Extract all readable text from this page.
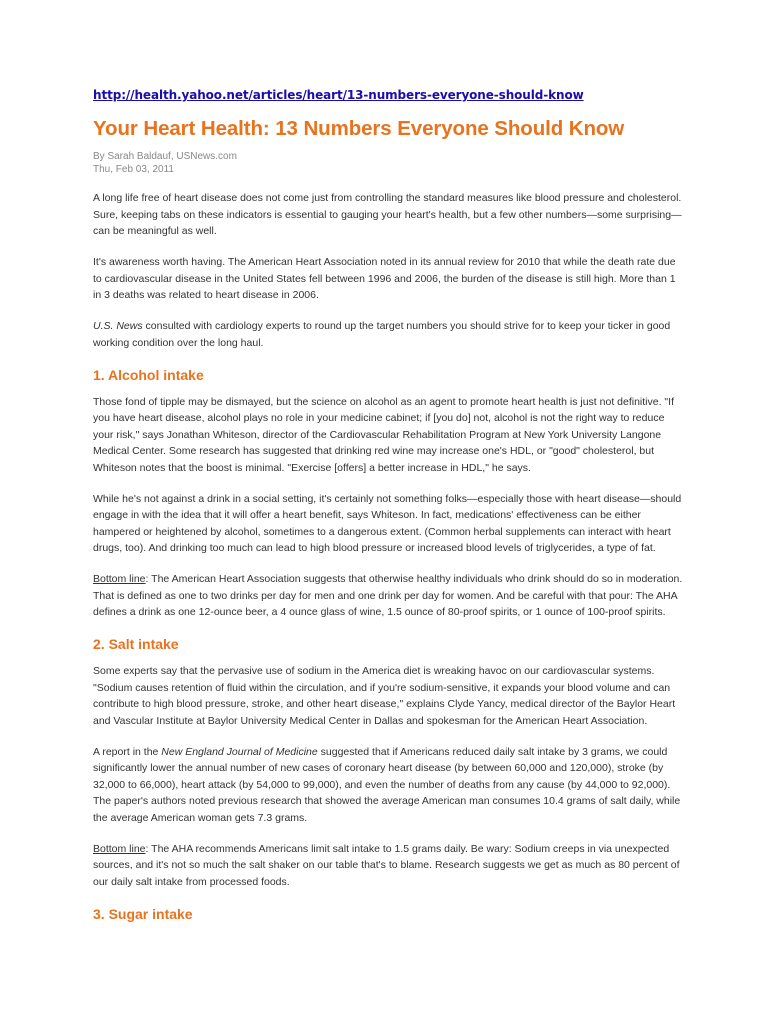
http://health.yahoo.net/articles/heart/13-numbers-everyone-should-know
Your Heart Health: 13 Numbers Everyone Should Know

By Sarah Baldauf, USNews.com

Thu, Feb 03, 2011

A long life free of heart disease does not come just from controlling the standard measures like blood pressure and cholesterol.
Sure, keeping tabs on these indicators is essential to gauging your heart's health, but a few other numbers—some surprising—
can be meaningful as well.

It's awareness worth having. The American Heart Association noted in its annual review for 2010 that while the death rate due
to cardiovascular disease in the United States fell between 1996 and 2006, the burden of the disease is still high. More than 1
in 3 deaths was related to heart disease in 2006.

U.S. News consulted with cardiology experts to round up the target numbers you should strive for to keep your ticker in good
working condition over the long haul.

1. Alcohol intake

Those fond of tipple may be dismayed, but the science on alcohol as an agent to promote heart health is just not definitive. "If
you have heart disease, alcohol plays no role in your medicine cabinet; if [you do] not, alcohol is not the right way to reduce
your risk," says Jonathan Whiteson, director of the Cardiovascular Rehabilitation Program at New York University Langone
Medical Center. Some research has suggested that drinking red wine may increase one's HDL, or "good" cholesterol, but
Whiteson notes that the boost is minimal. "Exercise [offers] a better increase in HDL," he says.

While he's not against a drink in a social setting, it's certainly not something folks—especially those with heart disease—should
engage in with the idea that it will offer a heart benefit, says Whiteson. In fact, medications' effectiveness can be either
hampered or heightened by alcohol, sometimes to a dangerous extent. (Common herbal supplements can interact with heart
drugs, too). And drinking too much can lead to high blood pressure or increased blood levels of triglycerides, a type of fat.

Bottom line: The American Heart Association suggests that otherwise healthy individuals who drink should do so in moderation.
That is defined as one to two drinks per day for men and one drink per day for women. And be careful with that pour: The AHA
defines a drink as one 12-ounce beer, a 4 ounce glass of wine, 1.5 ounce of 80-proof spirits, or 1 ounce of 100-proof spirits.

2. Salt intake

Some experts say that the pervasive use of sodium in the America diet is wreaking havoc on our cardiovascular systems.
"Sodium causes retention of fluid within the circulation, and if you're sodium-sensitive, it expands your blood volume and can
contribute to high blood pressure, stroke, and other heart disease," explains Clyde Yancy, medical director of the Baylor Heart
and Vascular Institute at Baylor University Medical Center in Dallas and spokesman for the American Heart Association.

A report in the New England Journal of Medicine suggested that if Americans reduced daily salt intake by 3 grams, we could
significantly lower the annual number of new cases of coronary heart disease (by between 60,000 and 120,000), stroke (by
32,000 to 66,000), heart attack (by 54,000 to 99,000), and even the number of deaths from any cause (by 44,000 to 92,000).
The paper's authors noted previous research that showed the average American man consumes 10.4 grams of salt daily, while
the average American woman gets 7.3 grams.

Bottom line: The AHA recommends Americans limit salt intake to 1.5 grams daily. Be wary: Sodium creeps in via unexpected
sources, and it's not so much the salt shaker on our table that's to blame. Research suggests we get as much as 80 percent of
our daily salt intake from processed foods.

3. Sugar intake
